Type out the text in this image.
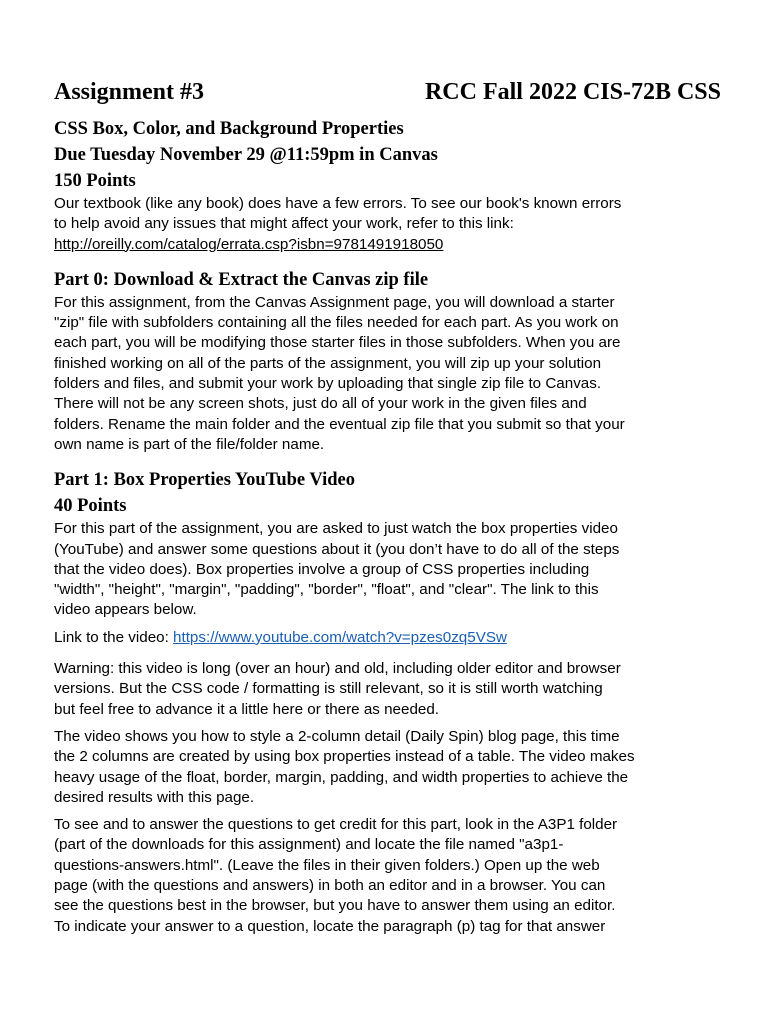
Assignment #3	RCC Fall 2022 CIS-72B CSS
CSS Box, Color, and Background Properties
Due Tuesday November 29 @11:59pm in Canvas
150 Points

Our textbook (like any book) does have a few errors. To see our book's known errors
to help avoid any issues that might affect your work, refer to this link:
http://oreilly.com/catalog/errata.csp?isbn=9781491918050

Part 0: Download & Extract the Canvas zip file

For this assignment, from the Canvas Assignment page, you will download a starter
"zip" file with subfolders containing all the files needed for each part. As you work on
each part, you will be modifying those starter files in those subfolders. When you are
finished working on all of the parts of the assignment, you will zip up your solution
folders and files, and submit your work by uploading that single zip file to Canvas.
There will not be any screen shots, just do all of your work in the given files and
folders. Rename the main folder and the eventual zip file that you submit so that your
own name is part of the file/folder name.

Part 1: Box Properties YouTube Video
40 Points

For this part of the assignment, you are asked to just watch the box properties video
(YouTube) and answer some questions about it (you don’t have to do all of the steps
that the video does). Box properties involve a group of CSS properties including
"width", "height", "margin", "padding", "border", "float", and "clear". The link to this
video appears below.

Link to the video: https://www.youtube.com/watch?v=pzes0zq5VSw

Warning: this video is long (over an hour) and old, including older editor and browser
versions. But the CSS code / formatting is still relevant, so it is still worth watching
but feel free to advance it a little here or there as needed.

The video shows you how to style a 2-column detail (Daily Spin) blog page, this time
the 2 columns are created by using box properties instead of a table. The video makes
heavy usage of the float, border, margin, padding, and width properties to achieve the
desired results with this page.

To see and to answer the questions to get credit for this part, look in the A3P1 folder
(part of the downloads for this assignment) and locate the file named "a3p1-
questions-answers.html". (Leave the files in their given folders.) Open up the web
page (with the questions and answers) in both an editor and in a browser. You can
see the questions best in the browser, but you have to answer them using an editor.
To indicate your answer to a question, locate the paragraph (p) tag for that answer
